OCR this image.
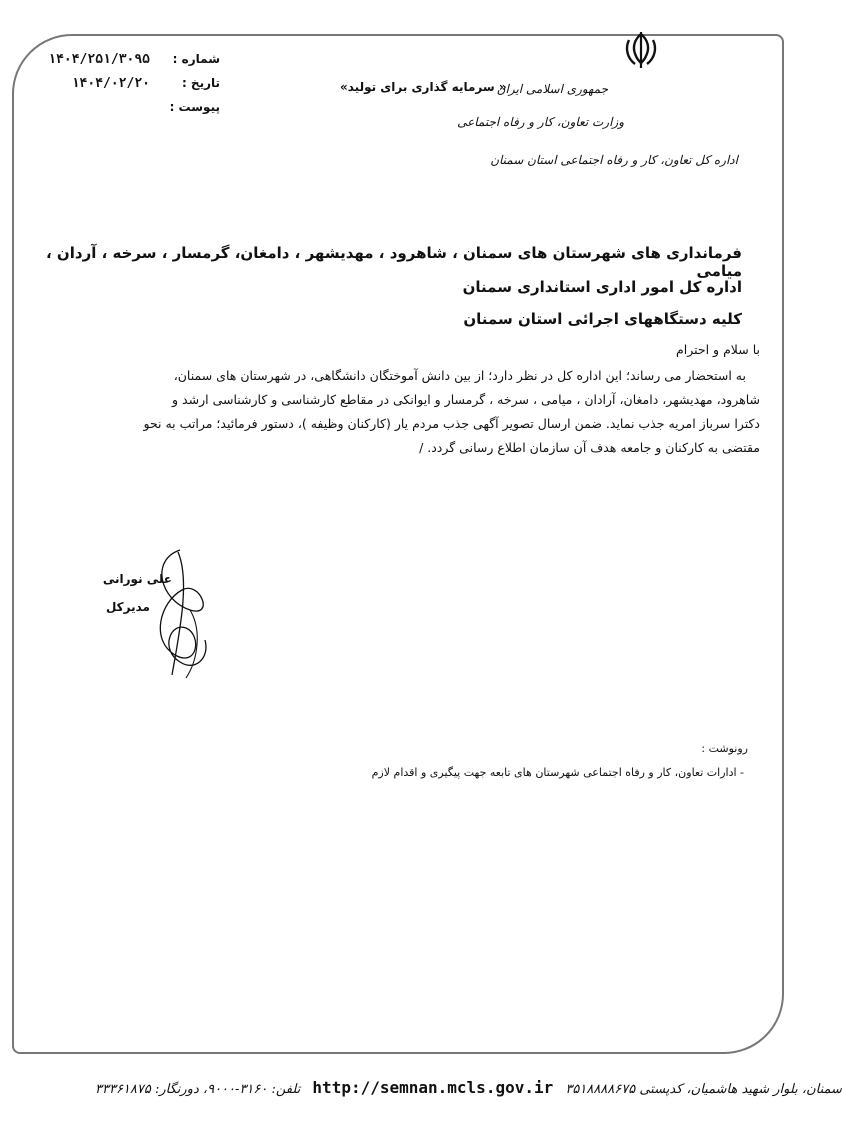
جمهوری اسلامی ایران
وزارت تعاون، کار و رفاه اجتماعی
اداره کل تعاون، کار و رفاه اجتماعی استان سمنان
« سرمایه گذاری برای تولید»
شماره :
۱۴۰۴/۲۵۱/۳۰۹۵
تاریخ :
۱۴۰۴/۰۲/۲۰
پیوست :
فرمانداری های شهرستان های سمنان ، شاهرود ، مهدیشهر ، دامغان، گرمسار ، سرخه ، آردان ، میامی
اداره کل امور اداری استانداری سمنان
کلیه دستگاههای اجرائی استان سمنان
با سلام و احترام
به استحضار می رساند؛ این اداره کل در نظر دارد؛ از بین دانش آموختگان دانشگاهی، در شهرستان های سمنان،
شاهرود، مهدیشهر، دامغان، آرادان ، میامی ، سرخه ، گرمسار و ایوانکی در مقاطع کارشناسی و کارشناسی ارشد و
دکترا سرباز امریه جذب نماید. ضمن ارسال تصویر آگهی جذب مردم یار (کارکنان وظیفه )، دستور فرمائید؛ مراتب به نحو
مقتضی به کارکنان و جامعه هدف آن سازمان اطلاع رسانی گردد. /
علی نورانی
مدیرکل
رونوشت :
- ادارات تعاون، کار و رفاه اجتماعی شهرستان های تابعه جهت پیگیری و اقدام لازم
تلفن: ۳۱۶۰-۹۰۰۰، دورنگار: ۳۳۳۶۱۸۷۵ http://semnan.mcls.gov.ir سمنان، بلوار شهید هاشمیان، کدپستی ۳۵۱۸۸۸۸۶۷۵
